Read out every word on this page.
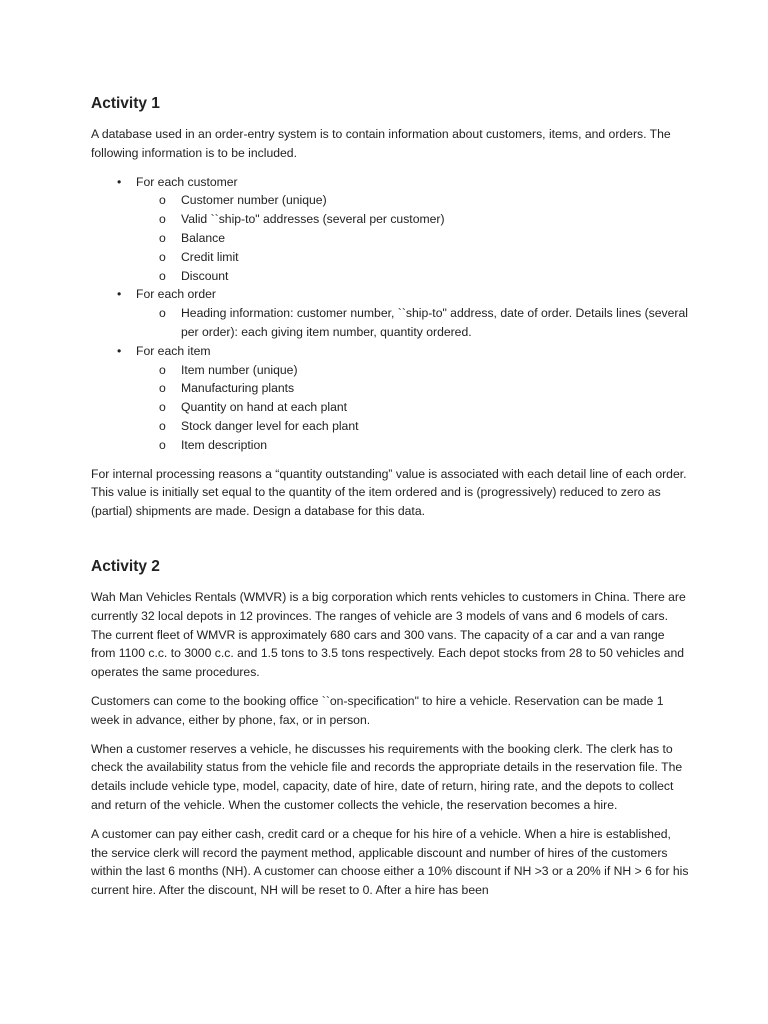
Activity 1

A database used in an order-entry system is to contain information about customers, items, and orders. The following information is to be included.

• For each customer
o Customer number (unique)
o Valid ``ship-to" addresses (several per customer)
o Balance
o Credit limit
o Discount
• For each order
o Heading information: customer number, ``ship-to" address, date of order. Details lines (several per order): each giving item number, quantity ordered.
• For each item
o Item number (unique)
o Manufacturing plants
o Quantity on hand at each plant
o Stock danger level for each plant
o Item description

For internal processing reasons a “quantity outstanding” value is associated with each detail line of each order. This value is initially set equal to the quantity of the item ordered and is (progressively) reduced to zero as (partial) shipments are made. Design a database for this data.

Activity 2

Wah Man Vehicles Rentals (WMVR) is a big corporation which rents vehicles to customers in China. There are currently 32 local depots in 12 provinces. The ranges of vehicle are 3 models of vans and 6 models of cars. The current fleet of WMVR is approximately 680 cars and 300 vans. The capacity of a car and a van range from 1100 c.c. to 3000 c.c. and 1.5 tons to 3.5 tons respectively. Each depot stocks from 28 to 50 vehicles and operates the same procedures.

Customers can come to the booking office ``on-specification" to hire a vehicle. Reservation can be made 1 week in advance, either by phone, fax, or in person.

When a customer reserves a vehicle, he discusses his requirements with the booking clerk. The clerk has to check the availability status from the vehicle file and records the appropriate details in the reservation file. The details include vehicle type, model, capacity, date of hire, date of return, hiring rate, and the depots to collect and return of the vehicle. When the customer collects the vehicle, the reservation becomes a hire.

A customer can pay either cash, credit card or a cheque for his hire of a vehicle. When a hire is established, the service clerk will record the payment method, applicable discount and number of hires of the customers within the last 6 months (NH). A customer can choose either a 10% discount if NH >3 or a 20% if NH > 6 for his current hire. After the discount, NH will be reset to 0. After a hire has been
